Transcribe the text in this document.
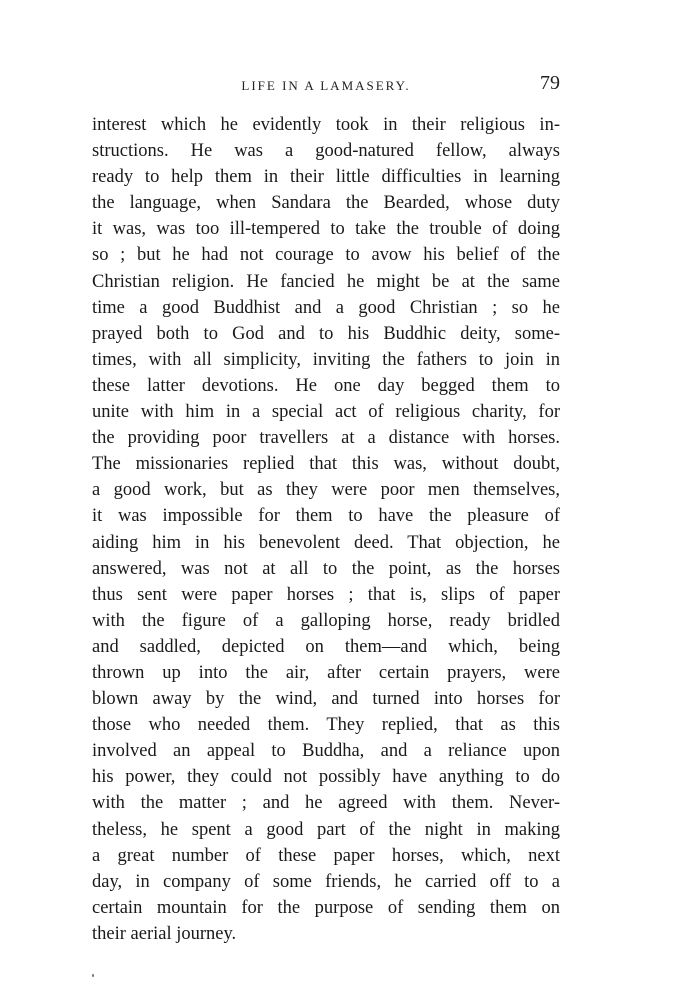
LIFE IN A LAMASERY.	79
interest which he evidently took in their religious in-
structions. He was a good-natured fellow, always
ready to help them in their little difficulties in learning
the language, when Sandara the Bearded, whose duty
it was, was too ill-tempered to take the trouble of doing
so ; but he had not courage to avow his belief of the
Christian religion. He fancied he might be at the same
time a good Buddhist and a good Christian ; so he
prayed both to God and to his Buddhic deity, some-
times, with all simplicity, inviting the fathers to join in
these latter devotions. He one day begged them to
unite with him in a special act of religious charity, for
the providing poor travellers at a distance with horses.
The missionaries replied that this was, without doubt,
a good work, but as they were poor men themselves,
it was impossible for them to have the pleasure of
aiding him in his benevolent deed. That objection, he
answered, was not at all to the point, as the horses
thus sent were paper horses ; that is, slips of paper
with the figure of a galloping horse, ready bridled
and saddled, depicted on them—and which, being
thrown up into the air, after certain prayers, were
blown away by the wind, and turned into horses for
those who needed them. They replied, that as this
involved an appeal to Buddha, and a reliance upon
his power, they could not possibly have anything to do
with the matter ; and he agreed with them. Never-
theless, he spent a good part of the night in making
a great number of these paper horses, which, next
day, in company of some friends, he carried off to a
certain mountain for the purpose of sending them on
their aerial journey.
